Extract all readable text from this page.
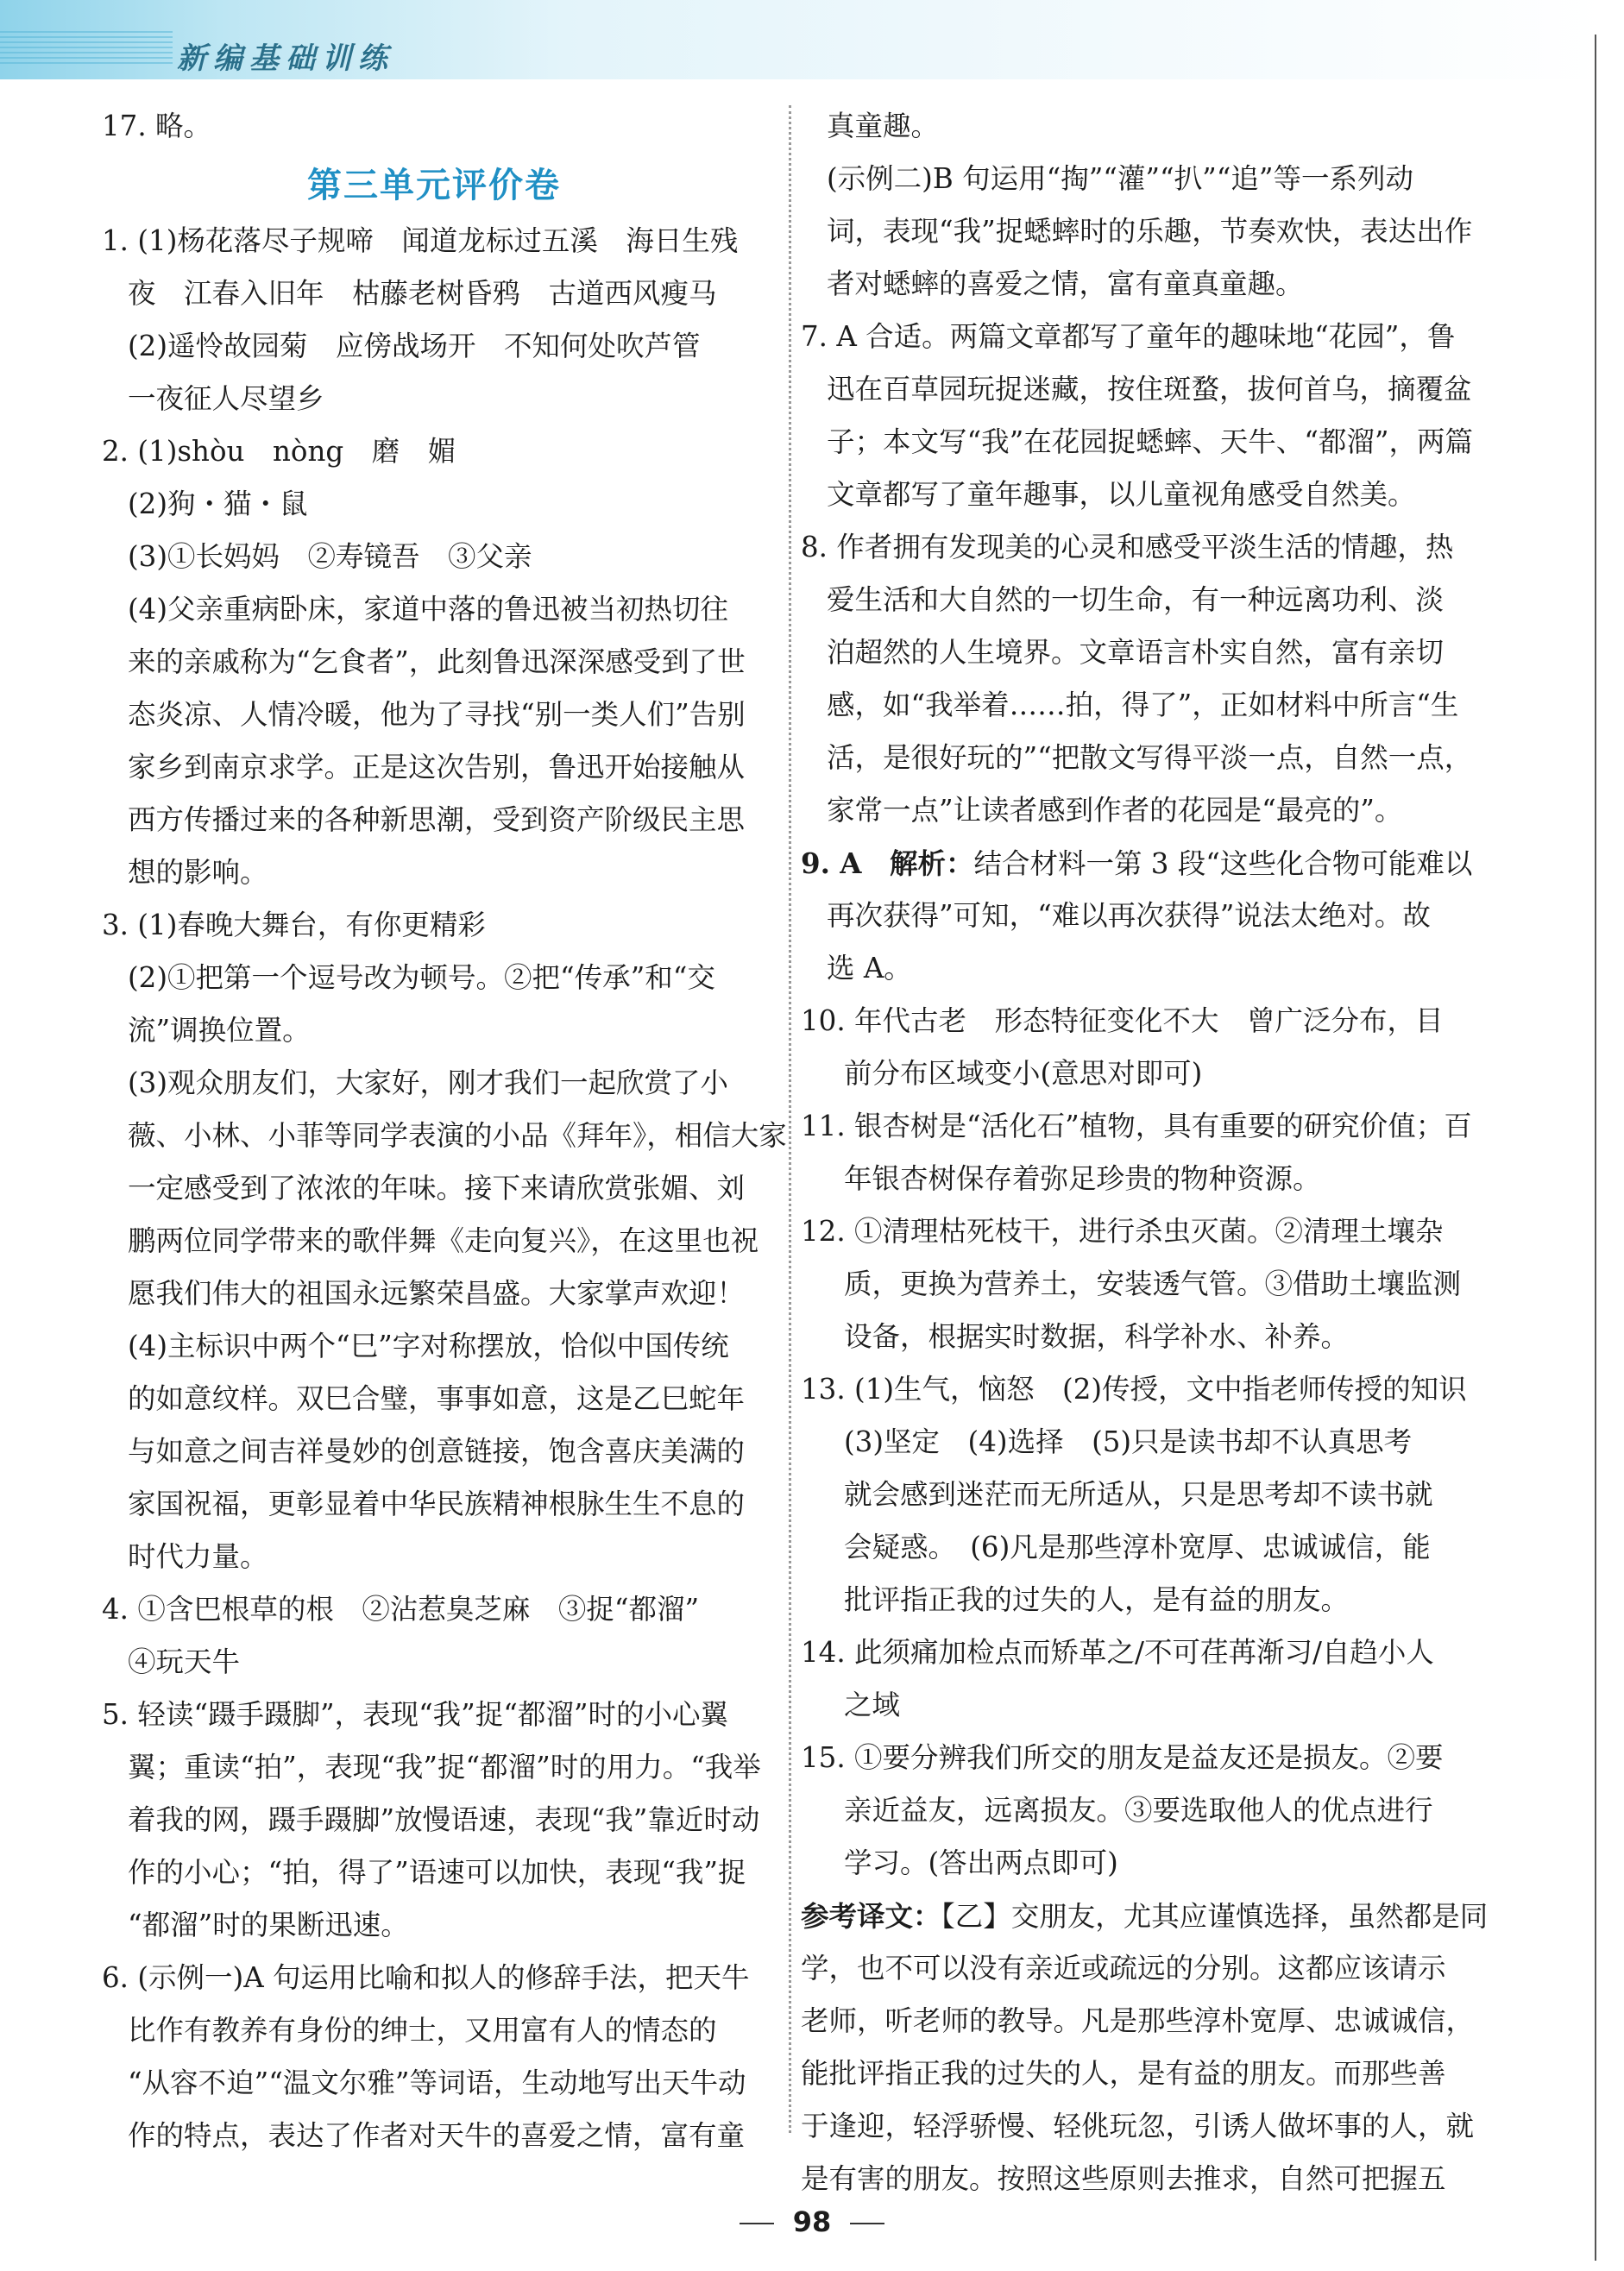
新编基础训练
17. 略。
第三单元评价卷
1. (1)杨花落尽子规啼　闻道龙标过五溪　海日生残
夜　江春入旧年　枯藤老树昏鸦　古道西风瘦马
(2)遥怜故园菊　应傍战场开　不知何处吹芦管
一夜征人尽望乡
2. (1)shòu　nòng　磨　媚
(2)狗・猫・鼠
(3)①长妈妈　②寿镜吾　③父亲
(4)父亲重病卧床，家道中落的鲁迅被当初热切往
来的亲戚称为“乞食者”，此刻鲁迅深深感受到了世
态炎凉、人情冷暖，他为了寻找“别一类人们”告别
家乡到南京求学。正是这次告别，鲁迅开始接触从
西方传播过来的各种新思潮，受到资产阶级民主思
想的影响。
3. (1)春晚大舞台，有你更精彩
(2)①把第一个逗号改为顿号。②把“传承”和“交
流”调换位置。
(3)观众朋友们，大家好，刚才我们一起欣赏了小
薇、小林、小菲等同学表演的小品《拜年》，相信大家
一定感受到了浓浓的年味。接下来请欣赏张媚、刘
鹏两位同学带来的歌伴舞《走向复兴》，在这里也祝
愿我们伟大的祖国永远繁荣昌盛。大家掌声欢迎！
(4)主标识中两个“巳”字对称摆放，恰似中国传统
的如意纹样。双巳合璧，事事如意，这是乙巳蛇年
与如意之间吉祥曼妙的创意链接，饱含喜庆美满的
家国祝福，更彰显着中华民族精神根脉生生不息的
时代力量。
4. ①含巴根草的根　②沾惹臭芝麻　③捉“都溜”
④玩天牛
5. 轻读“蹑手蹑脚”，表现“我”捉“都溜”时的小心翼
翼；重读“拍”，表现“我”捉“都溜”时的用力。“我举
着我的网，蹑手蹑脚”放慢语速，表现“我”靠近时动
作的小心；“拍，得了”语速可以加快，表现“我”捉
“都溜”时的果断迅速。
6. (示例一)A 句运用比喻和拟人的修辞手法，把天牛
比作有教养有身份的绅士，又用富有人的情态的
“从容不迫”“温文尔雅”等词语，生动地写出天牛动
作的特点，表达了作者对天牛的喜爱之情，富有童
真童趣。
(示例二)B 句运用“掏”“灌”“扒”“追”等一系列动
词，表现“我”捉蟋蟀时的乐趣，节奏欢快，表达出作
者对蟋蟀的喜爱之情，富有童真童趣。
7. A 合适。两篇文章都写了童年的趣味地“花园”，鲁
迅在百草园玩捉迷藏，按住斑蝥，拔何首乌，摘覆盆
子；本文写“我”在花园捉蟋蟀、天牛、“都溜”，两篇
文章都写了童年趣事，以儿童视角感受自然美。
8. 作者拥有发现美的心灵和感受平淡生活的情趣，热
爱生活和大自然的一切生命，有一种远离功利、淡
泊超然的人生境界。文章语言朴实自然，富有亲切
感，如“我举着……拍，得了”，正如材料中所言“生
活，是很好玩的”“把散文写得平淡一点，自然一点，
家常一点”让读者感到作者的花园是“最亮的”。
9. A　解析：结合材料一第 3 段“这些化合物可能难以
再次获得”可知，“难以再次获得”说法太绝对。故
选 A。
10. 年代古老　形态特征变化不大　曾广泛分布，目
前分布区域变小(意思对即可)
11. 银杏树是“活化石”植物，具有重要的研究价值；百
年银杏树保存着弥足珍贵的物种资源。
12. ①清理枯死枝干，进行杀虫灭菌。②清理土壤杂
质，更换为营养土，安装透气管。③借助土壤监测
设备，根据实时数据，科学补水、补养。
13. (1)生气，恼怒　(2)传授，文中指老师传授的知识
(3)坚定　(4)选择　(5)只是读书却不认真思考
就会感到迷茫而无所适从，只是思考却不读书就
会疑惑。　(6)凡是那些淳朴宽厚、忠诚诚信，能
批评指正我的过失的人，是有益的朋友。
14. 此须痛加检点而矫革之/不可荏苒渐习/自趋小人
之域
15. ①要分辨我们所交的朋友是益友还是损友。②要
亲近益友，远离损友。③要选取他人的优点进行
学习。(答出两点即可)
参考译文：【乙】交朋友，尤其应谨慎选择，虽然都是同
学，也不可以没有亲近或疏远的分别。这都应该请示
老师，听老师的教导。凡是那些淳朴宽厚、忠诚诚信，
能批评指正我的过失的人，是有益的朋友。而那些善
于逢迎，轻浮骄慢、轻佻玩忽，引诱人做坏事的人，就
是有害的朋友。按照这些原则去推求，自然可把握五
98
